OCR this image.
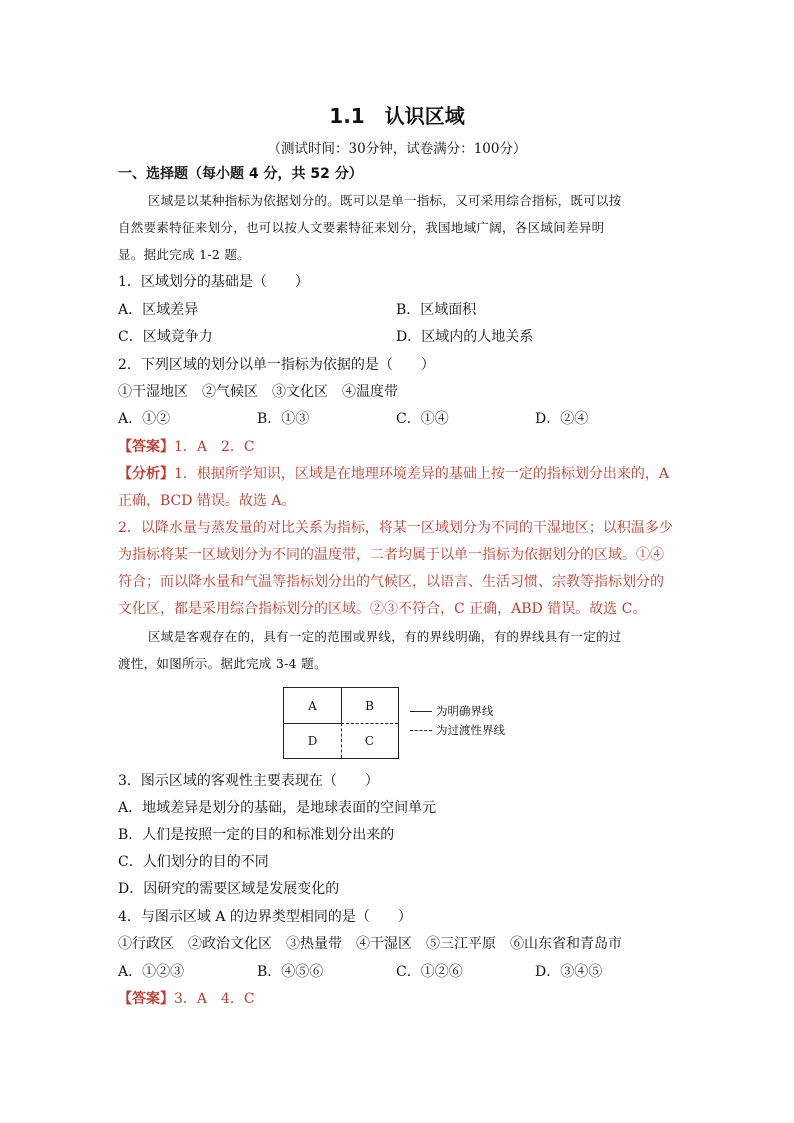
1.1　认识区域
（测试时间：30分钟，试卷满分：100分）
一、选择题（每小题 4 分，共 52 分）
区域是以某种指标为依据划分的。既可以是单一指标，又可采用综合指标，既可以按
自然要素特征来划分，也可以按人文要素特征来划分，我国地域广阔，各区域间差异明
显。据此完成 1-2 题。
1．区域划分的基础是（　　）
A．区域差异	B．区域面积
C．区域竞争力	D．区域内的人地关系
2．下列区域的划分以单一指标为依据的是（　　）
①干湿地区　②气候区　③文化区　④温度带
A．①②	B．①③	C．①④	D．②④
【答案】1．A　2．C
【分析】1．根据所学知识，区域是在地理环境差异的基础上按一定的指标划分出来的，A
正确，BCD 错误。故选 A。
2．以降水量与蒸发量的对比关系为指标，将某一区域划分为不同的干湿地区；以积温多少
为指标将某一区域划分为不同的温度带，二者均属于以单一指标为依据划分的区域。①④
符合；而以降水量和气温等指标划分出的气候区，以语言、生活习惯、宗教等指标划分的
文化区，都是采用综合指标划分的区域。②③不符合，C 正确，ABD 错误。故选 C。
区域是客观存在的，具有一定的范围或界线，有的界线明确，有的界线具有一定的过
渡性，如图所示。据此完成 3-4 题。
A	B
D	C
为明确界线
为过渡性界线
3．图示区域的客观性主要表现在（　　）
A．地域差异是划分的基础，是地球表面的空间单元
B．人们是按照一定的目的和标准划分出来的
C．人们划分的目的不同
D．因研究的需要区域是发展变化的
4．与图示区域 A 的边界类型相同的是（　　）
①行政区　②政治文化区　③热量带　④干湿区　⑤三江平原　⑥山东省和青岛市
A．①②③	B．④⑤⑥	C．①②⑥	D．③④⑤
【答案】3．A　4．C
